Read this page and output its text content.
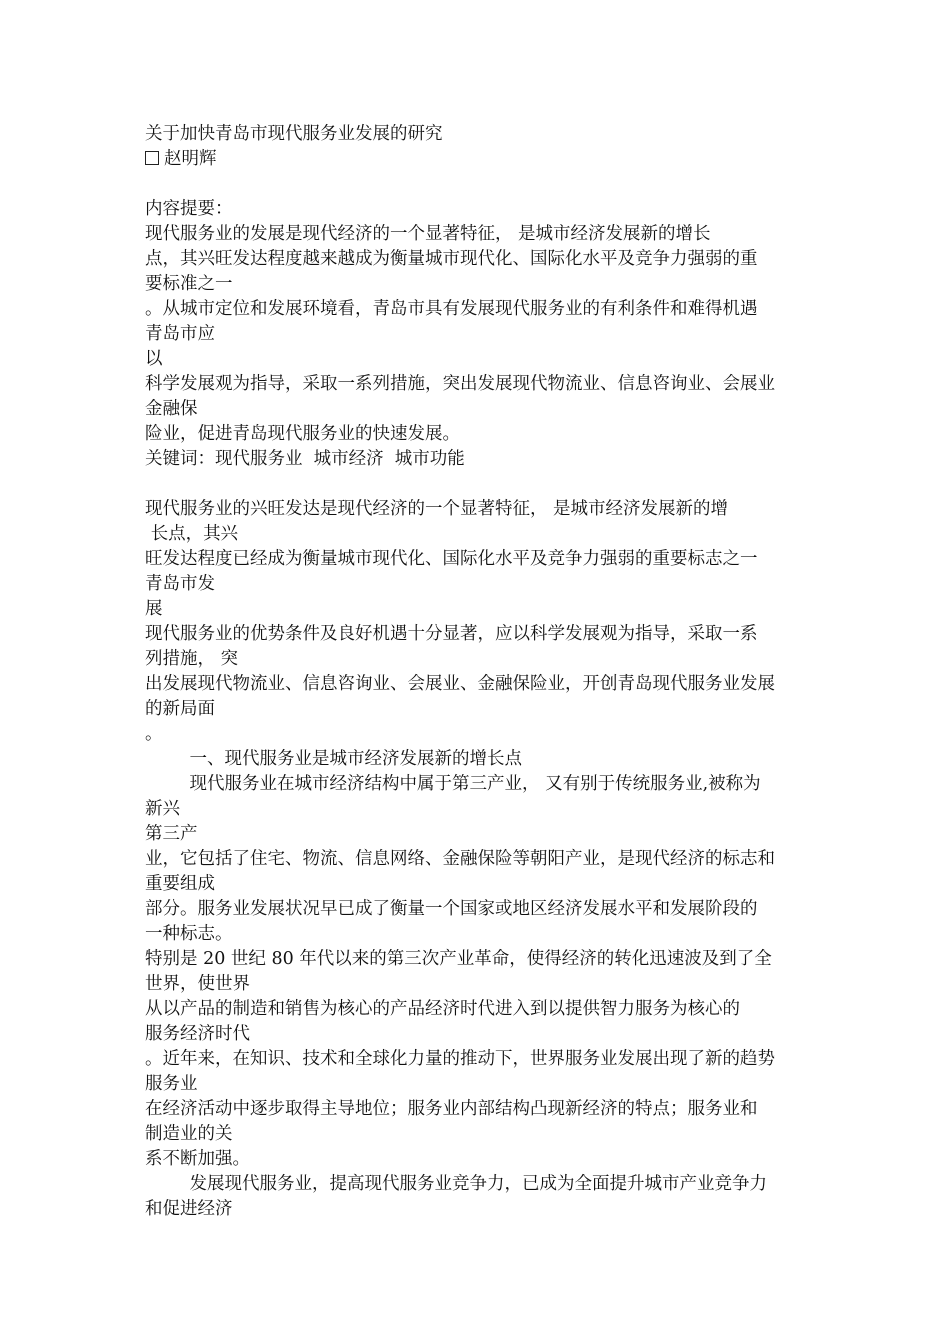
关于加快青岛市现代服务业发展的研究
赵明辉
内容提要：
现代服务业的发展是现代经济的一个显著特征， 是城市经济发展新的增长
点，其兴旺发达程度越来越成为衡量城市现代化、国际化水平及竞争力强弱的重
要标准之一
。从城市定位和发展环境看，青岛市具有发展现代服务业的有利条件和难得机遇
青岛市应
以
科学发展观为指导，采取一系列措施，突出发展现代物流业、信息咨询业、会展业
金融保
险业，促进青岛现代服务业的快速发展。
关键词：现代服务业  城市经济  城市功能
现代服务业的兴旺发达是现代经济的一个显著特征， 是城市经济发展新的增
长点，其兴
旺发达程度已经成为衡量城市现代化、国际化水平及竞争力强弱的重要标志之一
青岛市发
展
现代服务业的优势条件及良好机遇十分显著，应以科学发展观为指导，采取一系
列措施， 突
出发展现代物流业、信息咨询业、会展业、金融保险业，开创青岛现代服务业发展
的新局面
。
一、现代服务业是城市经济发展新的增长点
现代服务业在城市经济结构中属于第三产业， 又有别于传统服务业,被称为
新兴
第三产
业，它包括了住宅、物流、信息网络、金融保险等朝阳产业，是现代经济的标志和
重要组成
部分。服务业发展状况早已成了衡量一个国家或地区经济发展水平和发展阶段的
一种标志。
特别是 20 世纪 80 年代以来的第三次产业革命，使得经济的转化迅速波及到了全
世界，使世界
从以产品的制造和销售为核心的产品经济时代进入到以提供智力服务为核心的
服务经济时代
。近年来，在知识、技术和全球化力量的推动下，世界服务业发展出现了新的趋势
服务业
在经济活动中逐步取得主导地位；服务业内部结构凸现新经济的特点；服务业和
制造业的关
系不断加强。
发展现代服务业，提高现代服务业竞争力，已成为全面提升城市产业竞争力
和促进经济
